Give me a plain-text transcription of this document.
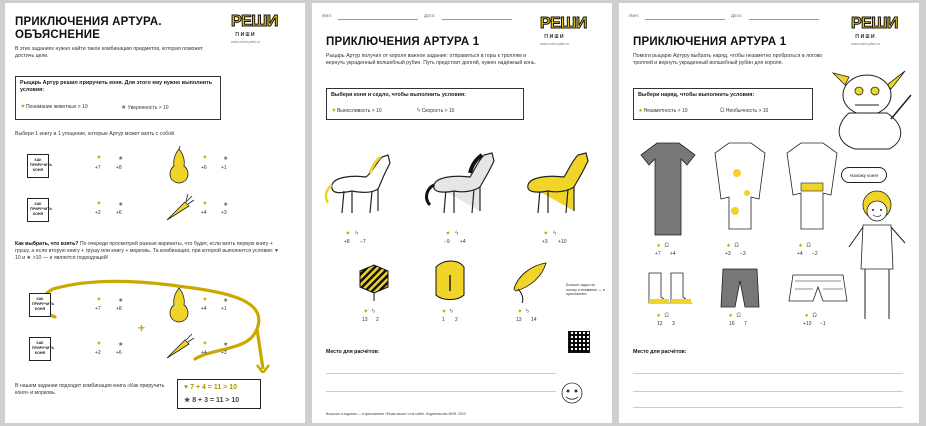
ПРИКЛЮЧЕНИЯ АРТУРА.
ОБЪЯСНЕНИЕ
РЕШИ
пиши
www.reshi-pishi.ru
В этих заданиях нужно найти такое комбинацию предметов, которая поможет достичь цели.
Рыцарь Артур решил приручить коня. Для этого ему нужно выполнить условия:
♥ Понимание животных > 10	★ Уверенность > 10
Выбери 1 книгу и 1 угощение, которые Артур может взять с собой.
КАК ПРИРУЧИТЬ КОНЯ
♥
+7
★
+8
♥
+6
★
+1
КАК ПРИРУЧИТЬ КОНЯ
♥
+2
★
+6
♥
+4
★
+3
Как выбрать, что взять? По очереди просмотрей разные варианты, что будет, если взять первую книгу + грушу, а если вторую книгу + грушу или книгу + морковь. Та комбинация, при которой выполнится условие: ♥ 10 и ★ >10 — и является подходящей!
КАК ПРИРУЧИТЬ КОНЯ
♥
+7
★
+8
♥
+4
★
+1
+
КАК ПРИРУЧИТЬ КОНЯ
♥
+2
★
+6
♥
+4
★
+3
В нашем задании подходит комбинация книга «Как приручить коня» и морковь.
♥ 7 + 4 = 11 > 10
★ 8 + 3 = 11 > 10
Имя:	Дата:	РЕШИ
пиши
www.reshi-pishi.ru
ПРИКЛЮЧЕНИЯ АРТУРА 1
Рыцарь Артур получил от короля важное задание: отправиться в горы к троллям и вернуть украденный волшебный рубин. Путь предстоит долгий, нужен надёжный конь.
Выбери коня и седло, чтобы выполнить условия:
♥ Выносливость > 10	ϟ Скорость > 10
♥ ϟ
+8 −7
♥ ϟ
−9 +4
♥ ϟ
+3 +10
♥ ϟ
13 2
♥ ϟ
1 2
♥ ϟ
13 14
Больше задач на логику и внимание — в приложении
Место для расчётов:
Вопросы и задания — в приложении «Реши-пиши» и на сайте. Издательство МИФ. 2023
Имя:	Дата:	РЕШИ
пиши
www.reshi-pishi.ru
ПРИКЛЮЧЕНИЯ АРТУРА 1
Помоги рыцарю Артуру выбрать наряд, чтобы незаметно пробраться в логово троллей и вернуть украденный волшебный рубин для короля.
Выбери наряд, чтобы выполнить условия:
♠ Незаметность > 10	Ω Необычность > 10
Нахожу коня!
♠ Ω
+7 +4
♠ Ω
+3 −3
♠ Ω
+4 −2
♠ Ω
12 3
♠ Ω
16 7
♠ Ω
+10 −1
Место для расчётов:
